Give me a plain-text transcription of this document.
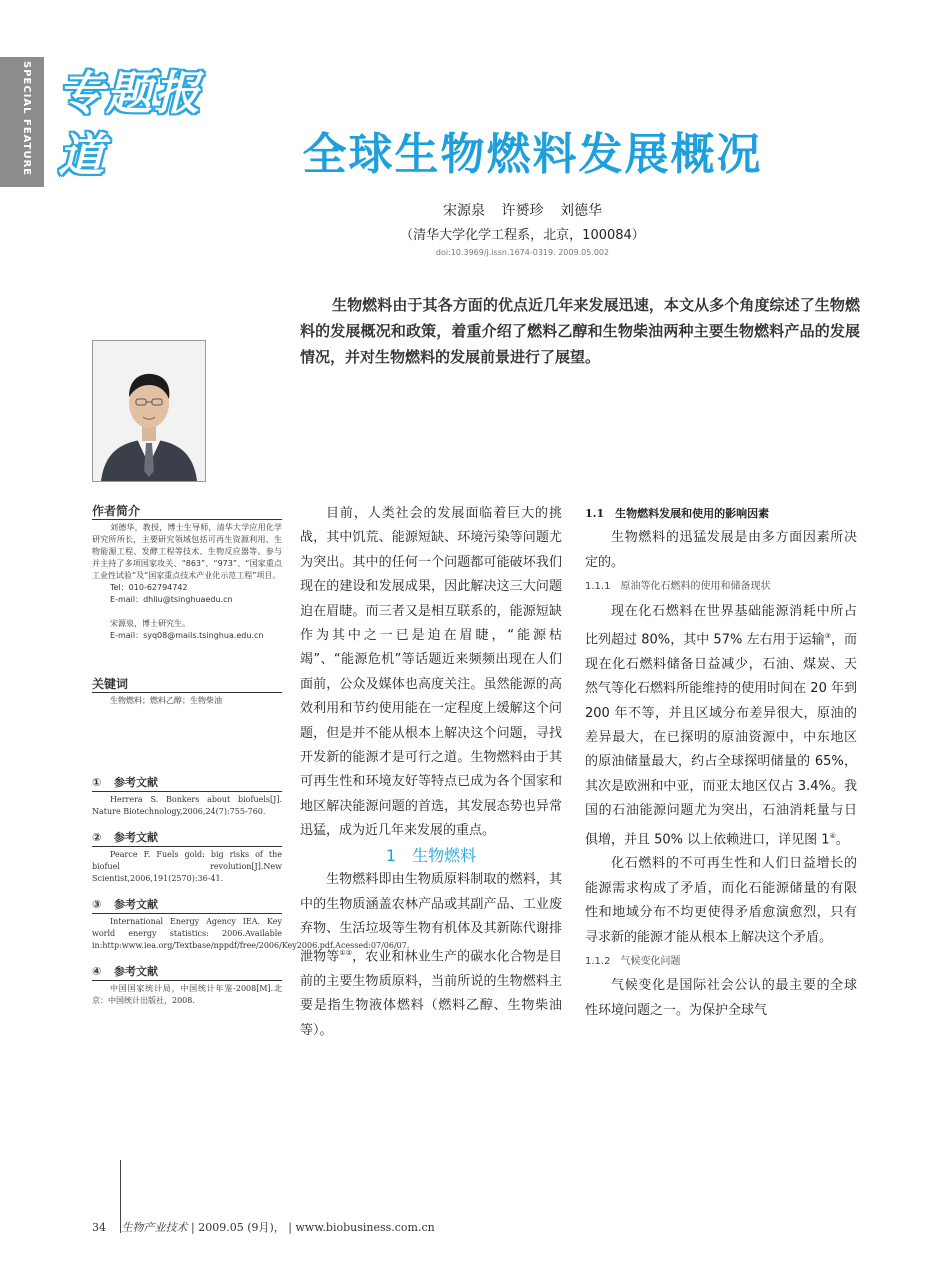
SPECIAL FEATURE 专题报道	全球生物燃料发展概况
宋源泉 许赟珍 刘德华
（清华大学化学工程系，北京，100084）
doi:10.3969/j.issn.1674-0319. 2009.05.002
生物燃料由于其各方面的优点近几年来发展迅速，本文从多个角度综述了生物燃料的发展概况和政策，着重介绍了燃料乙醇和生物柴油两种主要生物燃料产品的发展情况，并对生物燃料的发展前景进行了展望。
作者简介
刘德华，教授，博士生导师，清华大学应用化学研究所所长，主要研究领域包括可再生资源利用、生物能源工程、发酵工程等技术、生物反应器等。参与并主持了多项国家攻关、“863”、“973”、“国家重点工业性试验”及“国家重点技术产业化示范工程”项目。
Tel：010-62794742
E-mail：dhliu@tsinghuaedu.cn
宋源泉，博士研究生。
E-mail：syq08@mails.tsinghua.edu.cn
关键词
生物燃料；燃料乙醇；生物柴油
① 参考文献
Herrera S. Bonkers about biofuels[J]. Nature Biotechnology,2006,24(7):755-760.
② 参考文献
Pearce F. Fuels gold: big risks of the biofuel revolution[J].New Scientist,2006,191(2570):36-41.
③ 参考文献
International Energy Agency IEA. Key world energy statistics: 2006.Available in:http:www.iea.org/Textbase/nppdf/free/2006/Key2006.pdf.Acessed:07/06/07.
④ 参考文献
中国国家统计局，中国统计年鉴-2008[M].北京：中国统计出版社，2008.

目前，人类社会的发展面临着巨大的挑战，其中饥荒、能源短缺、环境污染等问题尤为突出。其中的任何一个问题都可能破坏我们现在的建设和发展成果，因此解决这三大问题迫在眉睫。而三者又是相互联系的，能源短缺作为其中之一已是迫在眉睫，“能源枯竭”、“能源危机”等话题近来频频出现在人们面前，公众及媒体也高度关注。虽然能源的高效利用和节约使用能在一定程度上缓解这个问题，但是并不能从根本上解决这个问题，寻找开发新的能源才是可行之道。生物燃料由于其可再生性和环境友好等特点已成为各个国家和地区解决能源问题的首选，其发展态势也异常迅猛，成为近几年来发展的重点。

1　生物燃料

生物燃料即由生物质原料制取的燃料，其中的生物质涵盖农林产品或其副产品、工业废弃物、生活垃圾等生物有机体及其新陈代谢排泄物等①②，农业和林业生产的碳水化合物是目前的主要生物质原料，当前所说的生物燃料主要是指生物液体燃料（燃料乙醇、生物柴油等）。

1.1　生物燃料发展和使用的影响因素

生物燃料的迅猛发展是由多方面因素所决定的。

1.1.1　原油等化石燃料的使用和储备现状

现在化石燃料在世界基础能源消耗中所占比列超过 80%，其中 57% 左右用于运输③，而现在化石燃料储备日益减少，石油、煤炭、天然气等化石燃料所能维持的使用时间在 20 年到 200 年不等，并且区域分布差异很大，原油的差异最大，在已探明的原油资源中，中东地区的原油储量最大，约占全球探明储量的 65%，其次是欧洲和中亚，而亚太地区仅占 3.4%。我国的石油能源问题尤为突出，石油消耗量与日俱增，并且 50% 以上依赖进口，详见图 1④。

化石燃料的不可再生性和人们日益增长的能源需求构成了矛盾，而化石能源储量的有限性和地域分布不均更使得矛盾愈演愈烈，只有寻求新的能源才能从根本上解决这个矛盾。

1.1.2　气候变化问题

气候变化是国际社会公认的最主要的全球性环境问题之一。为保护全球气

34 生物产业技术 | 2009.05 (9月)， | www.biobusiness.com.cn
